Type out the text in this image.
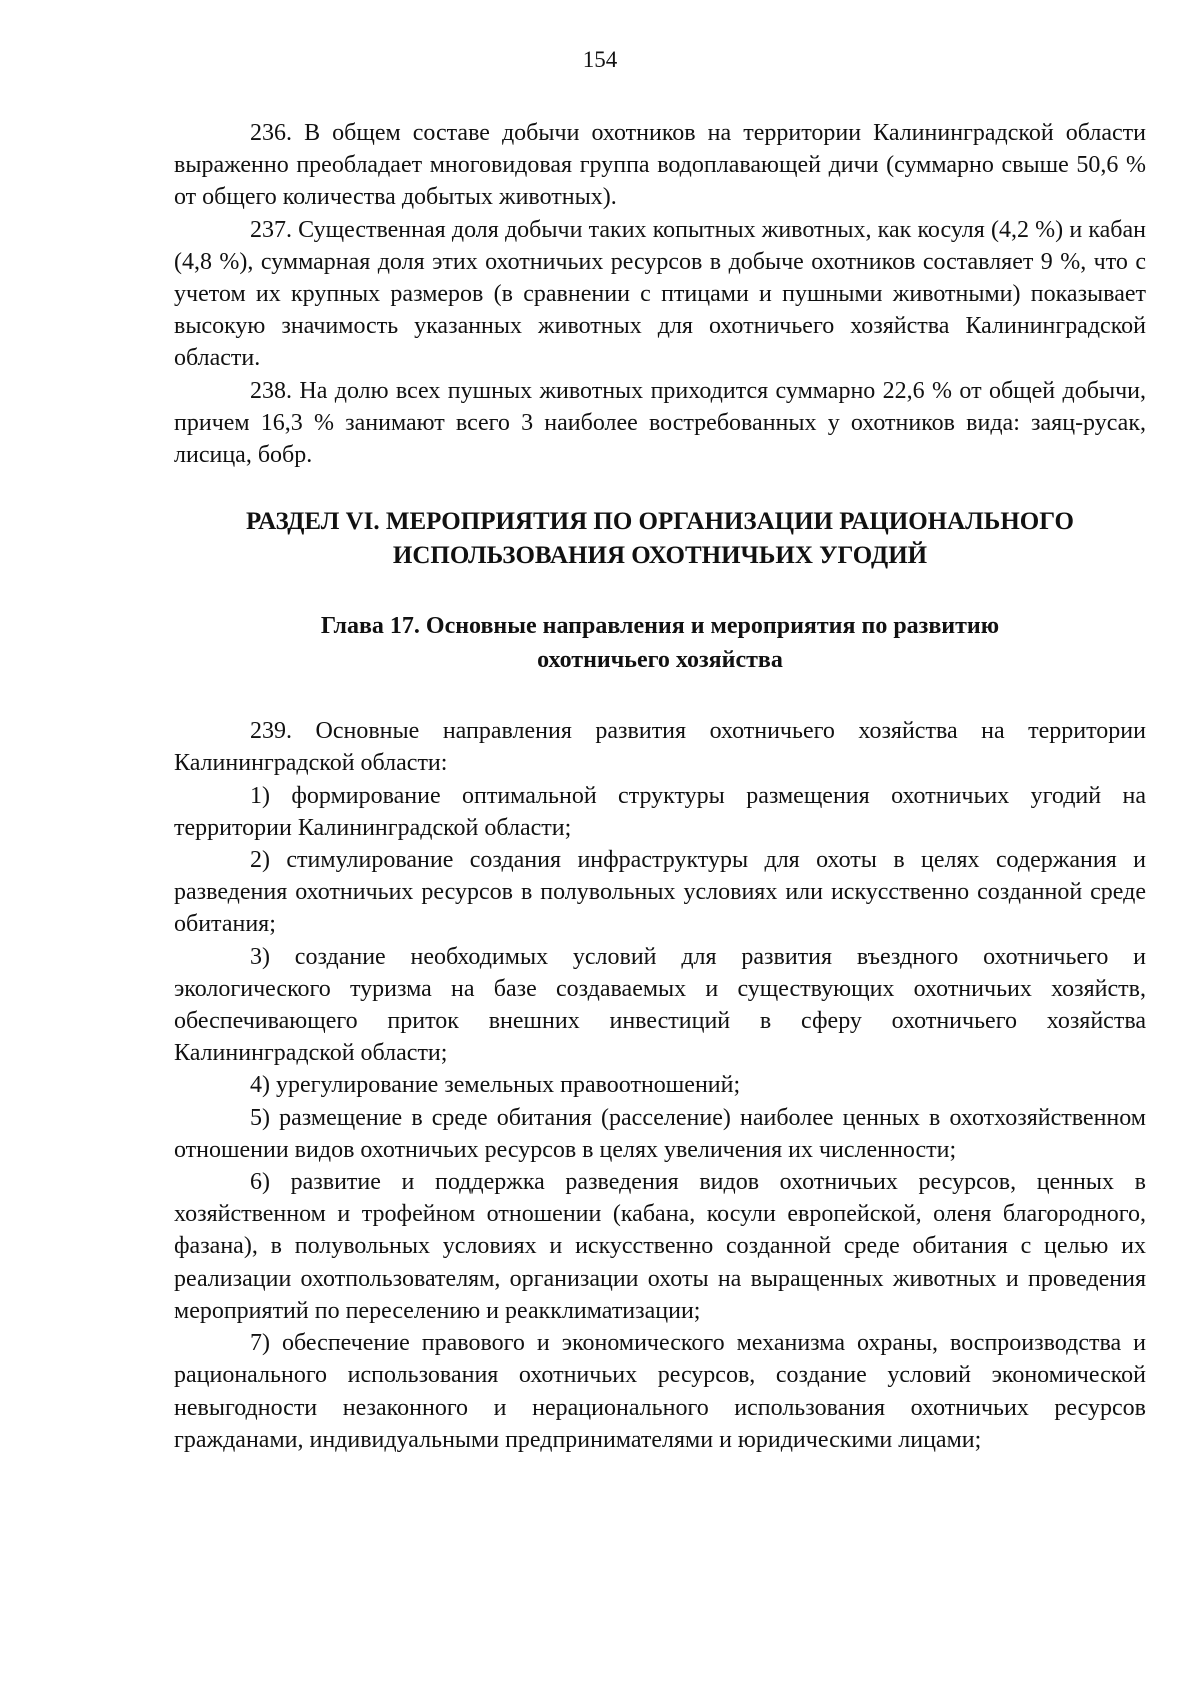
154

236. В общем составе добычи охотников на территории Калининградской области выраженно преобладает многовидовая группа водоплавающей дичи (суммарно свыше 50,6 % от общего количества добытых животных).

237. Существенная доля добычи таких копытных животных, как косуля (4,2 %) и кабан (4,8 %), суммарная доля этих охотничьих ресурсов в добыче охотников составляет 9 %, что с учетом их крупных размеров (в сравнении с птицами и пушными животными) показывает высокую значимость указанных животных для охотничьего хозяйства Калининградской области.

238. На долю всех пушных животных приходится суммарно 22,6 % от общей добычи, причем 16,3 % занимают всего 3 наиболее востребованных у охотников вида: заяц-русак, лисица, бобр.

РАЗДЕЛ VI. МЕРОПРИЯТИЯ ПО ОРГАНИЗАЦИИ РАЦИОНАЛЬНОГО
ИСПОЛЬЗОВАНИЯ ОХОТНИЧЬИХ УГОДИЙ
Глава 17. Основные направления и мероприятия по развитию
охотничьего хозяйства

239. Основные направления развития охотничьего хозяйства на территории Калининградской области:

1) формирование оптимальной структуры размещения охотничьих угодий на территории Калининградской области;

2) стимулирование создания инфраструктуры для охоты в целях содержания и разведения охотничьих ресурсов в полувольных условиях или искусственно созданной среде обитания;

3) создание необходимых условий для развития въездного охотничьего и экологического туризма на базе создаваемых и существующих охотничьих хозяйств, обеспечивающего приток внешних инвестиций в сферу охотничьего хозяйства Калининградской области;

4) урегулирование земельных правоотношений;

5) размещение в среде обитания (расселение) наиболее ценных в охотхозяйственном отношении видов охотничьих ресурсов в целях увеличения их численности;

6) развитие и поддержка разведения видов охотничьих ресурсов, ценных в хозяйственном и трофейном отношении (кабана, косули европейской, оленя благородного, фазана), в полувольных условиях и искусственно созданной среде обитания с целью их реализации охотпользователям, организации охоты на выращенных животных и проведения мероприятий по переселению и реакклиматизации;

7) обеспечение правового и экономического механизма охраны, воспроизводства и рационального использования охотничьих ресурсов, создание условий экономической невыгодности незаконного и нерационального использования охотничьих ресурсов гражданами, индивидуальными предпринимателями и юридическими лицами;
